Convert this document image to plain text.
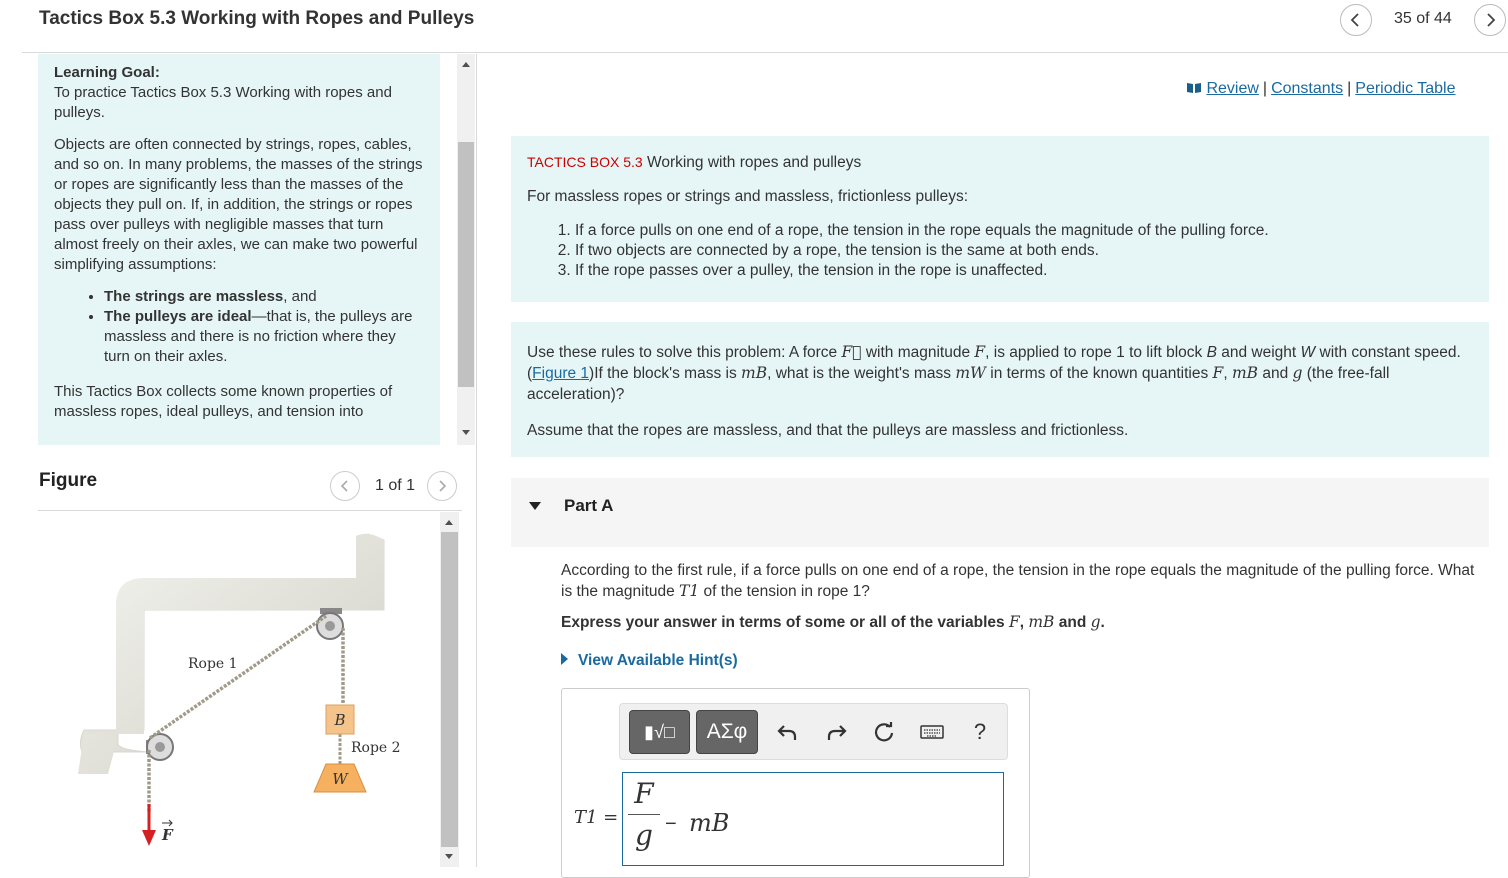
Tactics Box 5.3 Working with Ropes and Pulleys	35 of 44
Learning Goal:

To practice Tactics Box 5.3 Working with ropes and pulleys.

Objects are often connected by strings, ropes, cables, and so on. In many problems, the masses of the strings or ropes are significantly less than the masses of the objects they pull on. If, in addition, the strings or ropes pass over pulleys with negligible masses that turn almost freely on their axles, we can make two powerful simplifying assumptions:

• The strings are massless, and
• The pulleys are ideal—that is, the pulleys are massless and there is no friction where they turn on their axles.

This Tactics Box collects some known properties of massless ropes, ideal pulleys, and tension into

Figure	1 of 1
B
W
Rope 1
Rope 2
F
Review | Constants | Periodic Table
TACTICS BOX 5.3 Working with ropes and pulleys
For massless ropes or strings and massless, frictionless pulleys:
1. If a force pulls on one end of a rope, the tension in the rope equals the magnitude of the pulling force.
2. If two objects are connected by a rope, the tension is the same at both ends.
3. If the rope passes over a pulley, the tension in the rope is unaffected.
Use these rules to solve this problem: A force F⃗ with magnitude F, is applied to rope 1 to lift block B and weight W with constant speed. (Figure 1)If the block's mass is mB, what is the weight's mass mW in terms of the known quantities F, mB and g (the free-fall acceleration)?
Assume that the ropes are massless, and that the pulleys are massless and frictionless.
Part A
According to the first rule, if a force pulls on one end of a rope, the tension in the rope equals the magnitude of the pulling force. What is the magnitude T1 of the tension in rope 1?
Express your answer in terms of some or all of the variables F, mB and g.
View Available Hint(s)
▮√□	ΑΣφ	?
T1 =
F
g − mB
